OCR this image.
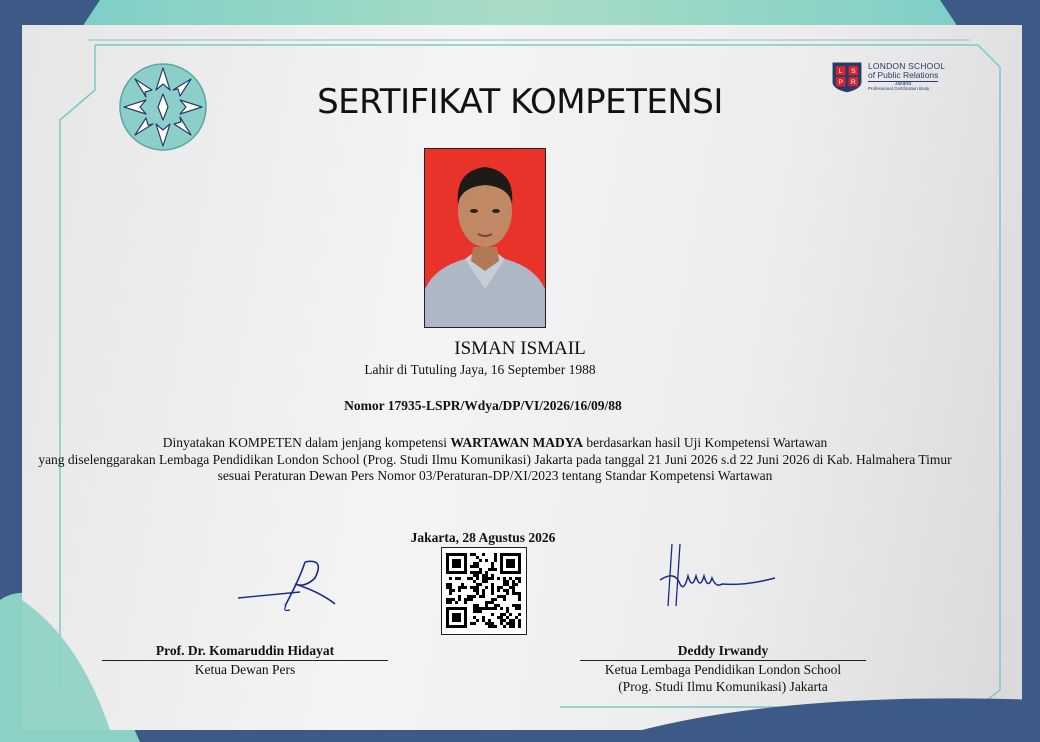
L S
P R
LONDON SCHOOL
of Public Relations
Jakarta
Professional Certification Body
SERTIFIKAT KOMPETENSI
ISMAN ISMAIL
Lahir di Tutuling Jaya, 16 September 1988
Nomor 17935-LSPR/Wdya/DP/VI/2026/16/09/88
Dinyatakan KOMPETEN dalam jenjang kompetensi WARTAWAN MADYA berdasarkan hasil Uji Kompetensi Wartawan
yang diselenggarakan Lembaga Pendidikan London School (Prog. Studi Ilmu Komunikasi) Jakarta pada tanggal 21 Juni 2026 s.d 22 Juni 2026 di Kab. Halmahera Timur
sesuai Peraturan Dewan Pers Nomor 03/Peraturan-DP/XI/2023 tentang Standar Kompetensi Wartawan
Jakarta, 28 Agustus 2026
Prof. Dr. Komaruddin Hidayat
Ketua Dewan Pers
Deddy Irwandy
Ketua Lembaga Pendidikan London School
(Prog. Studi Ilmu Komunikasi) Jakarta
